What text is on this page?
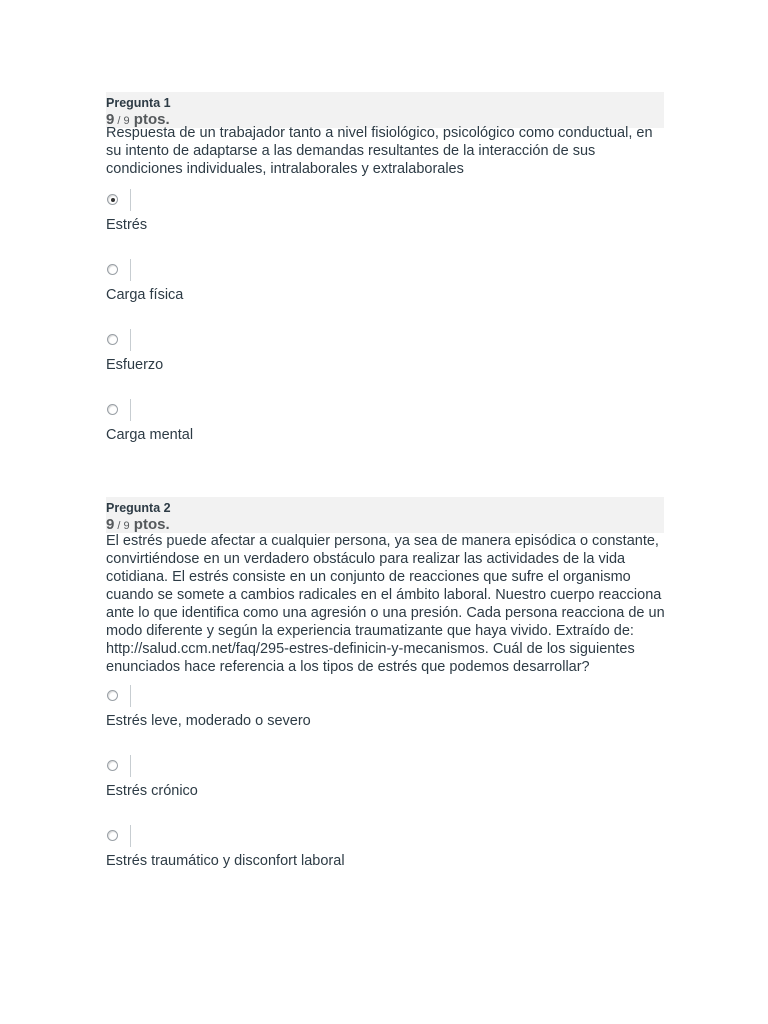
Pregunta 1
9 / 9 ptos.
Respuesta de un trabajador tanto a nivel fisiológico, psicológico como conductual, en su intento de adaptarse a las demandas resultantes de la interacción de sus condiciones individuales, intralaborales y extralaborales
Estrés
Carga física
Esfuerzo
Carga mental
Pregunta 2
9 / 9 ptos.
El estrés puede afectar a cualquier persona, ya sea de manera episódica o constante, convirtiéndose en un verdadero obstáculo para realizar las actividades de la vida cotidiana. El estrés consiste en un conjunto de reacciones que sufre el organismo cuando se somete a cambios radicales en el ámbito laboral. Nuestro cuerpo reacciona ante lo que identifica como una agresión o una presión. Cada persona reacciona de un modo diferente y según la experiencia traumatizante que haya vivido. Extraído de: http://salud.ccm.net/faq/295-estres-definicin-y-mecanismos. Cuál de los siguientes enunciados hace referencia a los tipos de estrés que podemos desarrollar?
Estrés leve, moderado o severo
Estrés crónico
Estrés traumático y disconfort laboral
